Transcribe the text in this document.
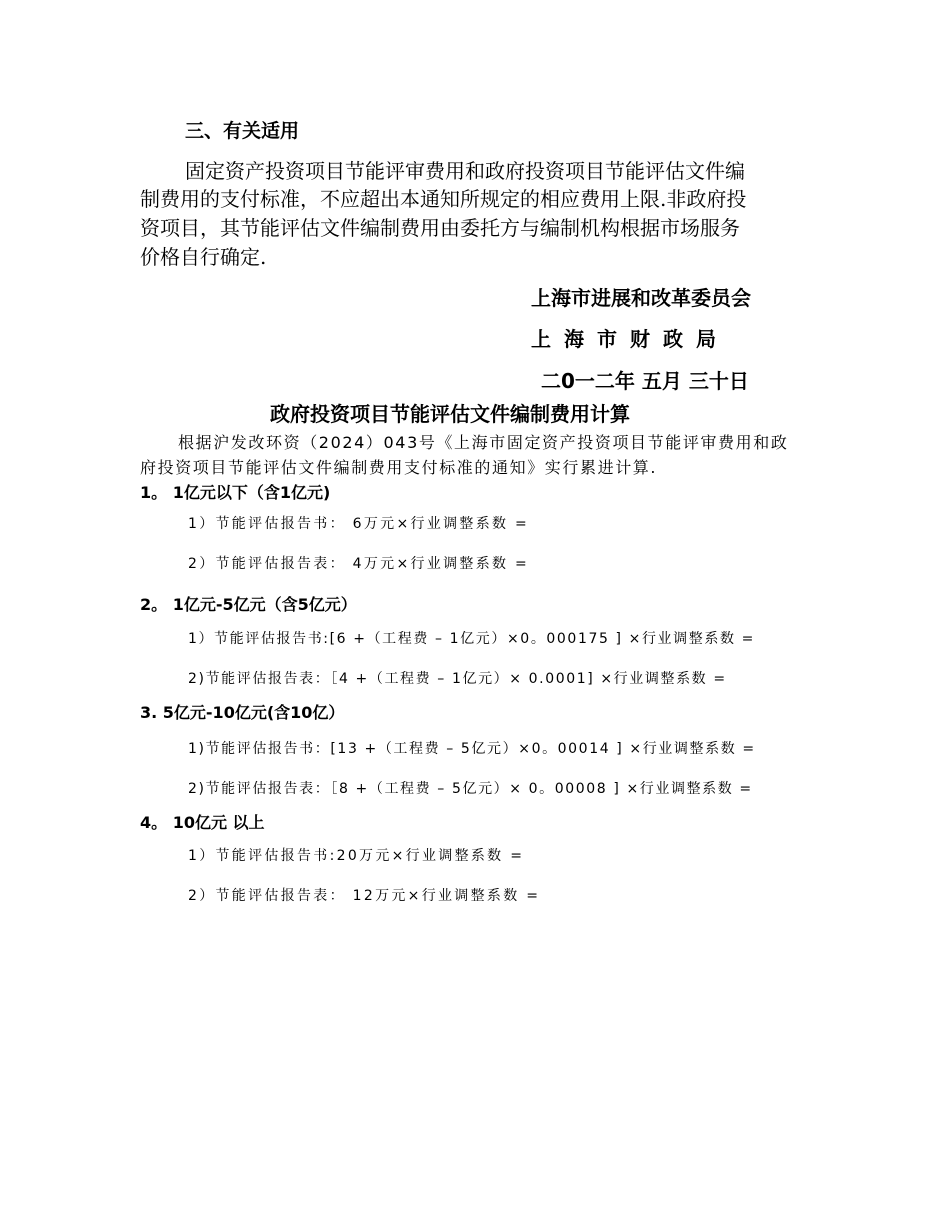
三、有关适用
固定资产投资项目节能评审费用和政府投资项目节能评估文件编
制费用的支付标准，不应超出本通知所规定的相应费用上限.非政府投
资项目，其节能评估文件编制费用由委托方与编制机构根据市场服务
价格自行确定.
上海市进展和改革委员会
上海市财政局
二0一二年 五月 三十日
政府投资项目节能评估文件编制费用计算
根据沪发改环资（2024）043号《上海市固定资产投资项目节能评审费用和政
府投资项目节能评估文件编制费用支付标准的通知》实行累进计算.
1。 1亿元以下（含1亿元)
1）节能评估报告书： 6万元×行业调整系数 =
2）节能评估报告表： 4万元×行业调整系数 =
2。 1亿元-5亿元（含5亿元）
1）节能评估报告书:[6 +（工程费 – 1亿元）×0。000175 ] ×行业调整系数 =
2)节能评估报告表：［4 +（工程费 – 1亿元）× 0.0001] ×行业调整系数 =
3. 5亿元-10亿元(含10亿）
1)节能评估报告书：[13 +（工程费 – 5亿元）×0。00014 ] ×行业调整系数 =
2)节能评估报告表：［8 +（工程费 – 5亿元）× 0。00008 ] ×行业调整系数 =
4。 10亿元 以上
1）节能评估报告书:20万元×行业调整系数 =
2）节能评估报告表： 12万元×行业调整系数 =
